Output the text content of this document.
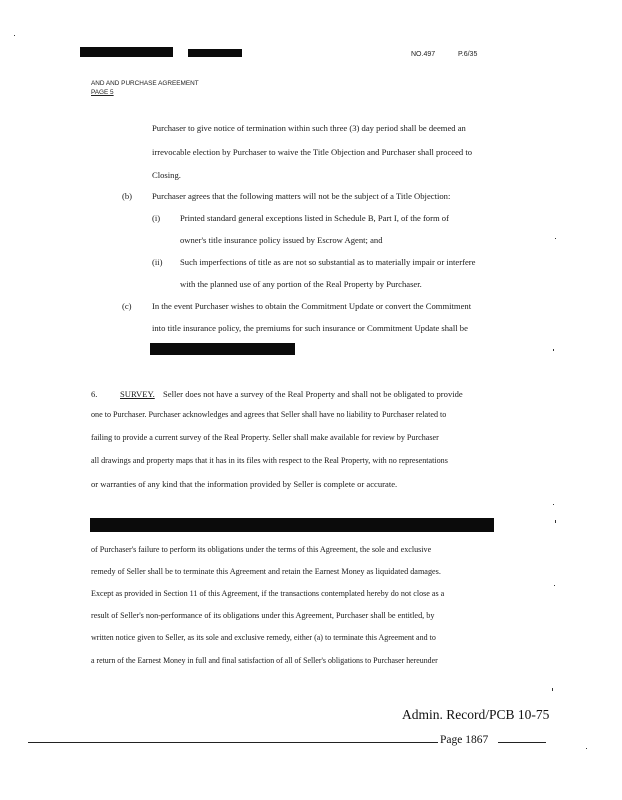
NO.497	P.6/35
AND AND PURCHASE AGREEMENT
PAGE 5
Purchaser to give notice of termination within such three (3) day period shall be deemed an
irrevocable election by Purchaser to waive the Title Objection and Purchaser shall proceed to
Closing.
(b) Purchaser agrees that the following matters will not be the subject of a Title Objection:
(i) Printed standard general exceptions listed in Schedule B, Part I, of the form of
owner's title insurance policy issued by Escrow Agent; and
(ii) Such imperfections of title as are not so substantial as to materially impair or interfere
with the planned use of any portion of the Real Property by Purchaser.
(c) In the event Purchaser wishes to obtain the Commitment Update or convert the Commitment
into title insurance policy, the premiums for such insurance or Commitment Update shall be
6.	SURVEY. Seller does not have a survey of the Real Property and shall not be obligated to provide
one to Purchaser. Purchaser acknowledges and agrees that Seller shall have no liability to Purchaser related to
failing to provide a current survey of the Real Property. Seller shall make available for review by Purchaser
all drawings and property maps that it has in its files with respect to the Real Property, with no representations
or warranties of any kind that the information provided by Seller is complete or accurate.
of Purchaser's failure to perform its obligations under the terms of this Agreement, the sole and exclusive
remedy of Seller shall be to terminate this Agreement and retain the Earnest Money as liquidated damages.
Except as provided in Section 11 of this Agreement, if the transactions contemplated hereby do not close as a
result of Seller's non-performance of its obligations under this Agreement, Purchaser shall be entitled, by
written notice given to Seller, as its sole and exclusive remedy, either (a) to terminate this Agreement and to
a return of the Earnest Money in full and final satisfaction of all of Seller's obligations to Purchaser hereunder
Admin. Record/PCB 10-75
Page 1867
